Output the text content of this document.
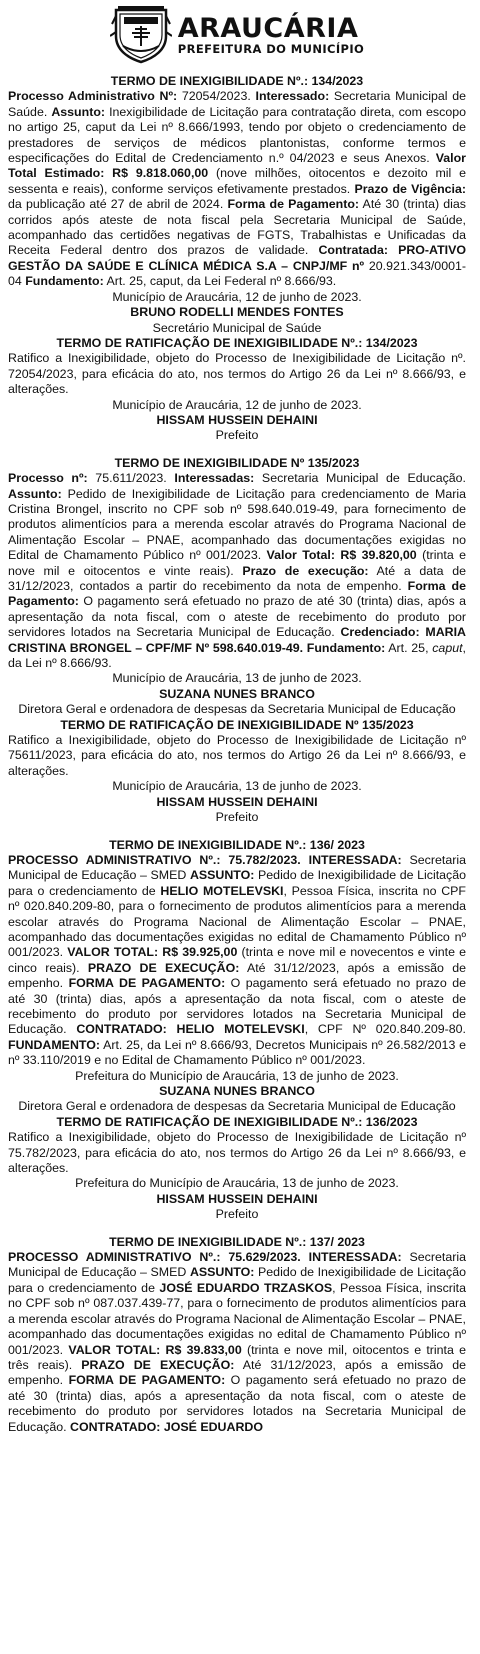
ARAUCÁRIA
PREFEITURA DO MUNICÍPIO
TERMO DE INEXIGIBILIDADE Nº.: 134/2023
Processo Administrativo Nº: 72054/2023. Interessado: Secretaria Municipal de Saúde. Assunto: Inexigibilidade de Licitação para contratação direta, com escopo no artigo 25, caput da Lei nº 8.666/1993, tendo por objeto o credenciamento de prestadores de serviços de médicos plantonistas, conforme termos e especificações do Edital de Credenciamento n.º 04/2023 e seus Anexos. Valor Total Estimado: R$ 9.818.060,00 (nove milhões, oitocentos e dezoito mil e sessenta e reais), conforme serviços efetivamente prestados. Prazo de Vigência: da publicação até 27 de abril de 2024. Forma de Pagamento: Até 30 (trinta) dias corridos após ateste de nota fiscal pela Secretaria Municipal de Saúde, acompanhado das certidões negativas de FGTS, Trabalhistas e Unificadas da Receita Federal dentro dos prazos de validade. Contratada: PRO-ATIVO GESTÃO DA SAÚDE E CLÍNICA MÉDICA S.A – CNPJ/MF nº 20.921.343/0001-04 Fundamento: Art. 25, caput, da Lei Federal nº 8.666/93.
Município de Araucária, 12 de junho de 2023.
BRUNO RODELLI MENDES FONTES
Secretário Municipal de Saúde
TERMO DE RATIFICAÇÃO DE INEXIGIBILIDADE Nº.: 134/2023
Ratifico a Inexigibilidade, objeto do Processo de Inexigibilidade de Licitação nº. 72054/2023, para eficácia do ato, nos termos do Artigo 26 da Lei nº 8.666/93, e alterações.
Município de Araucária, 12 de junho de 2023.
HISSAM HUSSEIN DEHAINI
Prefeito
TERMO DE INEXIGIBILIDADE Nº 135/2023
Processo nº: 75.611/2023. Interessadas: Secretaria Municipal de Educação. Assunto: Pedido de Inexigibilidade de Licitação para credenciamento de Maria Cristina Brongel, inscrito no CPF sob nº 598.640.019-49, para fornecimento de produtos alimentícios para a merenda escolar através do Programa Nacional de Alimentação Escolar – PNAE, acompanhado das documentações exigidas no Edital de Chamamento Público nº 001/2023. Valor Total: R$ 39.820,00 (trinta e nove mil e oitocentos e vinte reais). Prazo de execução: Até a data de 31/12/2023, contados a partir do recebimento da nota de empenho. Forma de Pagamento: O pagamento será efetuado no prazo de até 30 (trinta) dias, após a apresentação da nota fiscal, com o ateste de recebimento do produto por servidores lotados na Secretaria Municipal de Educação. Credenciado: MARIA CRISTINA BRONGEL – CPF/MF Nº 598.640.019-49. Fundamento: Art. 25, caput, da Lei nº 8.666/93.
Município de Araucária, 13 de junho de 2023.
SUZANA NUNES BRANCO
Diretora Geral e ordenadora de despesas da Secretaria Municipal de Educação
TERMO DE RATIFICAÇÃO DE INEXIGIBILIDADE Nº 135/2023
Ratifico a Inexigibilidade, objeto do Processo de Inexigibilidade de Licitação nº 75611/2023, para eficácia do ato, nos termos do Artigo 26 da Lei nº 8.666/93, e alterações.
Município de Araucária, 13 de junho de 2023.
HISSAM HUSSEIN DEHAINI
Prefeito
TERMO DE INEXIGIBILIDADE Nº.: 136/ 2023
PROCESSO ADMINISTRATIVO Nº.: 75.782/2023. INTERESSADA: Secretaria Municipal de Educação – SMED ASSUNTO: Pedido de Inexigibilidade de Licitação para o credenciamento de HELIO MOTELEVSKI, Pessoa Física, inscrita no CPF nº 020.840.209-80, para o fornecimento de produtos alimentícios para a merenda escolar através do Programa Nacional de Alimentação Escolar – PNAE, acompanhado das documentações exigidas no edital de Chamamento Público nº 001/2023. VALOR TOTAL: R$ 39.925,00 (trinta e nove mil e novecentos e vinte e cinco reais). PRAZO DE EXECUÇÃO: Até 31/12/2023, após a emissão de empenho. FORMA DE PAGAMENTO: O pagamento será efetuado no prazo de até 30 (trinta) dias, após a apresentação da nota fiscal, com o ateste de recebimento do produto por servidores lotados na Secretaria Municipal de Educação. CONTRATADO: HELIO MOTELEVSKI, CPF Nº 020.840.209-80. FUNDAMENTO: Art. 25, da Lei nº 8.666/93, Decretos Municipais nº 26.582/2013 e nº 33.110/2019 e no Edital de Chamamento Público nº 001/2023.
Prefeitura do Município de Araucária, 13 de junho de 2023.
SUZANA NUNES BRANCO
Diretora Geral e ordenadora de despesas da Secretaria Municipal de Educação
TERMO DE RATIFICAÇÃO DE INEXIGIBILIDADE Nº.: 136/2023
Ratifico a Inexigibilidade, objeto do Processo de Inexigibilidade de Licitação nº 75.782/2023, para eficácia do ato, nos termos do Artigo 26 da Lei nº 8.666/93, e alterações.
Prefeitura do Município de Araucária, 13 de junho de 2023.
HISSAM HUSSEIN DEHAINI
Prefeito
TERMO DE INEXIGIBILIDADE Nº.: 137/ 2023
PROCESSO ADMINISTRATIVO Nº.: 75.629/2023. INTERESSADA: Secretaria Municipal de Educação – SMED ASSUNTO: Pedido de Inexigibilidade de Licitação para o credenciamento de JOSÉ EDUARDO TRZASKOS, Pessoa Física, inscrita no CPF sob nº 087.037.439-77, para o fornecimento de produtos alimentícios para a merenda escolar através do Programa Nacional de Alimentação Escolar – PNAE, acompanhado das documentações exigidas no edital de Chamamento Público nº 001/2023. VALOR TOTAL: R$ 39.833,00 (trinta e nove mil, oitocentos e trinta e três reais). PRAZO DE EXECUÇÃO: Até 31/12/2023, após a emissão de empenho. FORMA DE PAGAMENTO: O pagamento será efetuado no prazo de até 30 (trinta) dias, após a apresentação da nota fiscal, com o ateste de recebimento do produto por servidores lotados na Secretaria Municipal de Educação. CONTRATADO: JOSÉ EDUARDO
